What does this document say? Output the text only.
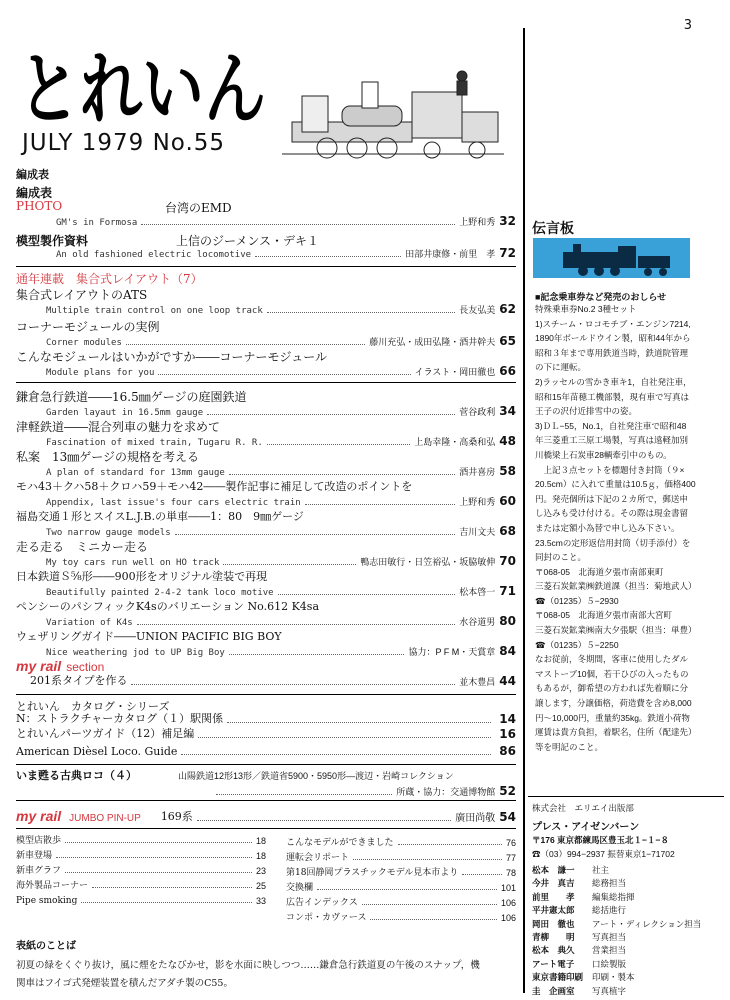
3
とれいん
JULY 1979 No.55
編成表
編成表
PHOTO	台湾のEMD
GM's in Formosa	上野和秀 32
模型製作資料	上信のジーメンス・デキ１
An old fashioned electric locomotive	田部井康修・前里　孝 72
通年連載　集合式レイアウト（7）
集合式レイアウトのATS
Multiple train control on one loop track	長友弘美 62
コーナーモジュールの実例
Corner modules	藤川充弘・成田弘隆・酒井幹夫 65
こんなモジュールはいかがですか――コーナーモジュール
Module plans for you	イラスト・岡田徹也 66
鎌倉急行鉄道――16.5㎜ゲージの庭園鉄道
Garden layaut in 16.5mm gauge	菅谷政利 34
津軽鉄道――混合列車の魅力を求めて
Fascination of mixed train, Tugaru R. R.	上島幸隆・高桑和弘 48
私案　13㎜ゲージの規格を考える
A plan of standard for 13mm gauge	酒井喜房 58
モハ43＋クハ58＋クロハ59＋モハ42――製作記事に補足して改造のポイントを
Appendix, last issue's four cars electric train	上野和秀 60
福島交通１形とスイスL.J.B.の単車――1：80　9㎜ゲージ
Two narrow gauge models	吉川文夫 68
走る走る　ミニカー走る
My toy cars run well on HO track	鴨志田敏行・日笠裕弘・坂脇敏伸 70
日本鉄道Ｓ⅝形――900形をオリジナル塗装で再現
Beautifully painted 2-4-2 tank loco motive	松本啓一 71
ペンシーのパシフィックK4sのバリエーション No.612 K4sa
Variation of K4s	水谷道男 80
ウェザリングガイド――UNION PACIFIC BIG BOY
Nice weathering jod to UP Big Boy	協力：P F M・天賞章 84
my rail section
201系タイプを作る	並木豊昌 44
とれいん　カタログ・シリーズ
N：ストラクチャーカタログ（１）駅関係	14
とれいんパーツガイド（12）補足編	16
American Dièsel Loco. Guide	86
いま甦る古典ロコ（４）	山陽鉄道12形13形／鉄道省5900・5950形―渡辺・岩崎コレクション
所蔵・協力：交通博物館 52
my rail JUMBO PIN-UP 169系	廣田尚敬 54
模型店散歩	18
新車登場	18
新車グラフ	23
海外製品コーナー	25
Pipe smoking	33
こんなモデルができました	76
運転会リポート	77
第18回静岡プラスチックモデル見本市より	78
交換欄	101
広告インデックス	106
コンポ・カヴァース	106
表紙のことば
初夏の緑をくぐり抜け，風に煙をたなびかせ，影を水面に映しつつ……鎌倉急行鉄道夏の午後のスナップ，機
関車はフイゴ式発煙装置を積んだアダチ製のC55。
伝言板
■記念乗車券など発売のおしらせ
特殊乗車券No.2 3種セット
1)スチーム・ロコモチブ・エンジン7214,
1890年ボールドウイン製，昭和44年から
昭和３年まで専用鉄道当時，鉄道院管理
の下に運転。
2)ラッセルの雪かき車キ1，自社発注車，
昭和15年苗穂工機部製，現有車で写真は
王子の沢付近排雪中の姿。
3)ＤＬ−55，No.1，自社発注車で昭和48
年三菱重工三原工場製，写真は遠軽加別
川橋梁上石炭車28輌牽引中のもの。
　上記３点セットを標題付き封筒（９×
20.5cm）に入れて重量は10.5ｇ，価格400
円。発売個所は下記の２カ所で，郵送申
し込みも受け付ける。その際は現金書留
または定額小為替で申し込み下さい。
23.5cmの定形返信用封筒（切手添付）を
同封のこと。
〒068-05　北海道夕張市南部東町
三菱石炭鉱業㈱鉄道課（担当：菊地武人）
☎（01235）５−2930
〒068-05　北海道夕張市南部大宮町
三菱石炭鉱業㈱南大夕張駅（担当：単豊）
☎（01235）５−2250
なお従前，冬期間，客車に使用したダル
マストーブ10個，若干ひびの入ったもの
もあるが，御希望の方われば先着順に分
譲します，分譲価格，荷造費を含め8,000
円〜10,000円，重量約35kg。鉄道小荷物
運賃は貴方負担，着駅名，住所（配達先）
等を明記のこと。
株式会社　エリエイ出版部
プレス・アイゼンバーン
〒176 東京都練馬区豊玉北１−１−８
☎（03）994−2937 振替東京1−71702
松本　謙一 社主
今井　真吉 総務担当
前里　　孝 編集総指揮
平井憲太郎 総括進行
岡田　徹也 アート・ディレクション担当
青柳　　明 写真担当
松本　典久 営業担当
アート電子 口絵製版
東京書籍印刷 印刷・製本
圭　企画室 写真植字
